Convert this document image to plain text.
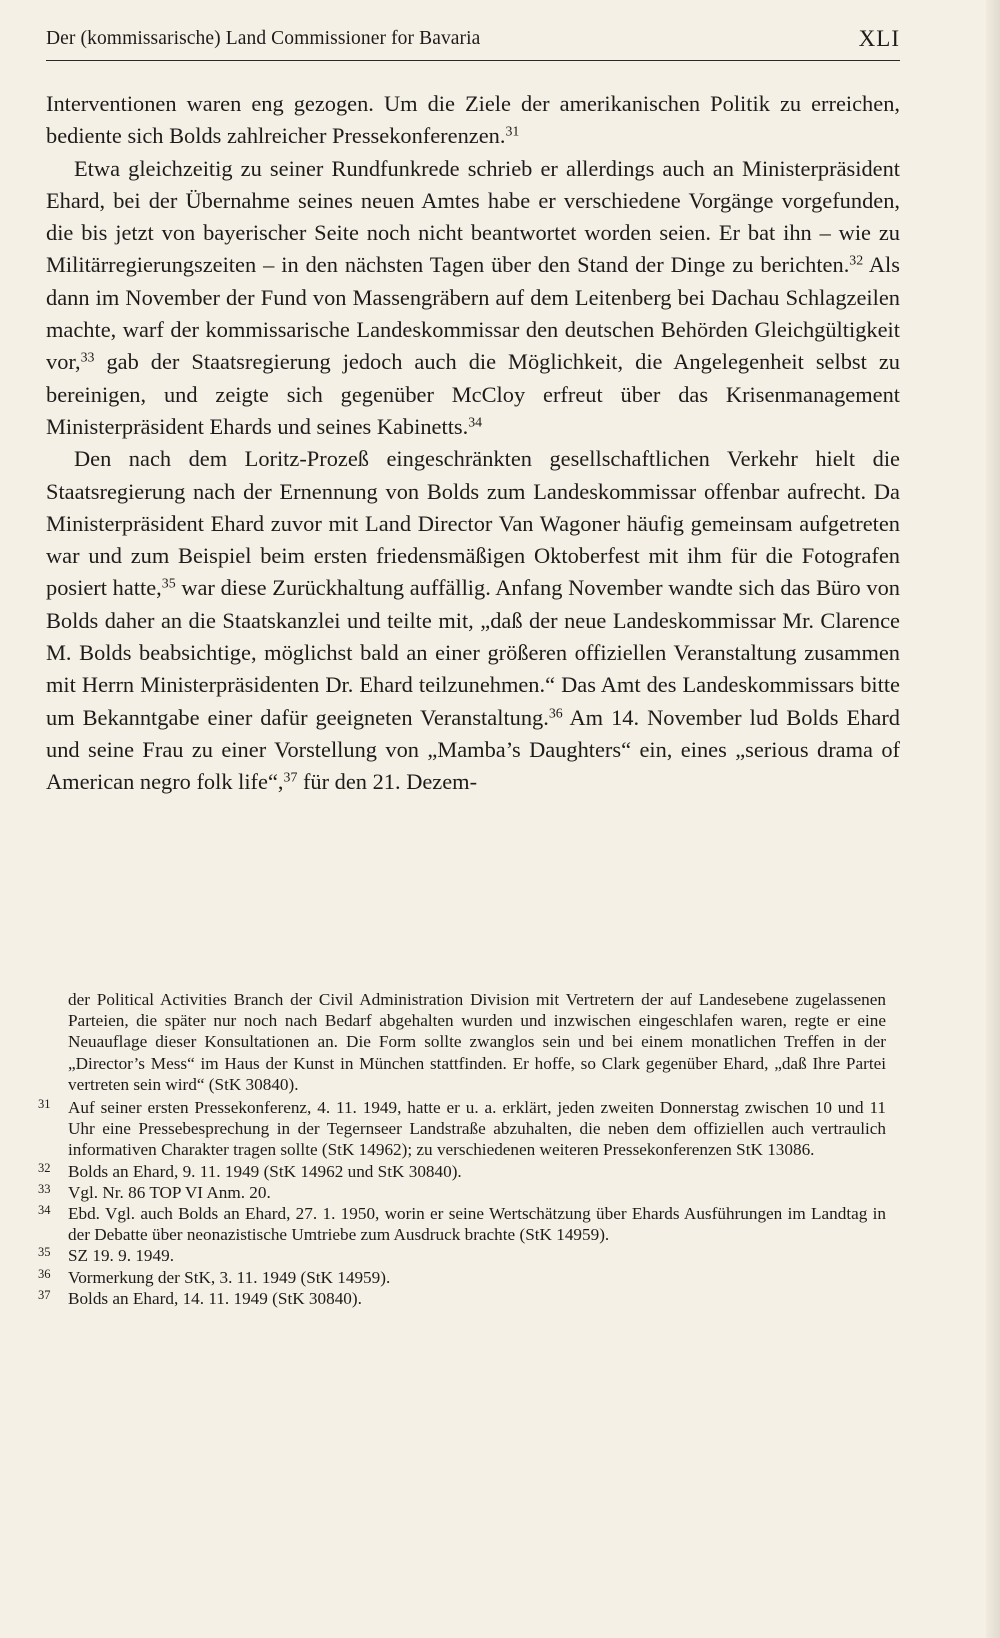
Der (kommissarische) Land Commissioner for Bavaria	XLI

Interventionen waren eng gezogen. Um die Ziele der amerikanischen Politik zu erreichen, bediente sich Bolds zahlreicher Pressekonferenzen.$^{31}$

Etwa gleichzeitig zu seiner Rundfunkrede schrieb er allerdings auch an Ministerpräsident Ehard, bei der Übernahme seines neuen Amtes habe er verschiedene Vorgänge vorgefunden, die bis jetzt von bayerischer Seite noch nicht beantwortet worden seien. Er bat ihn – wie zu Militärregierungszeiten – in den nächsten Tagen über den Stand der Dinge zu berichten.$^{32}$ Als dann im November der Fund von Massengräbern auf dem Leitenberg bei Dachau Schlagzeilen machte, warf der kommissarische Landeskommissar den deutschen Behörden Gleichgültigkeit vor,$^{33}$ gab der Staatsregierung jedoch auch die Möglichkeit, die Angelegenheit selbst zu bereinigen, und zeigte sich gegenüber McCloy erfreut über das Krisenmanagement Ministerpräsident Ehards und seines Kabinetts.$^{34}$

Den nach dem Loritz-Prozeß eingeschränkten gesellschaftlichen Verkehr hielt die Staatsregierung nach der Ernennung von Bolds zum Landeskommissar offenbar aufrecht. Da Ministerpräsident Ehard zuvor mit Land Director Van Wagoner häufig gemeinsam aufgetreten war und zum Beispiel beim ersten friedensmäßigen Oktoberfest mit ihm für die Fotografen posiert hatte,$^{35}$ war diese Zurückhaltung auffällig. Anfang November wandte sich das Büro von Bolds daher an die Staatskanzlei und teilte mit, „daß der neue Landeskommissar Mr. Clarence M. Bolds beabsichtige, möglichst bald an einer größeren offiziellen Veranstaltung zusammen mit Herrn Ministerpräsidenten Dr. Ehard teilzunehmen.“ Das Amt des Landeskommissars bitte um Bekanntgabe einer dafür geeigneten Veranstaltung.$^{36}$ Am 14. November lud Bolds Ehard und seine Frau zu einer Vorstellung von „Mamba’s Daughters“ ein, eines „serious drama of American negro folk life“,$^{37}$ für den 21. Dezem-

der Political Activities Branch der Civil Administration Division mit Vertretern der auf Landesebene zugelassenen Parteien, die später nur noch nach Bedarf abgehalten wurden und inzwischen eingeschlafen waren, regte er eine Neuauflage dieser Konsultationen an. Die Form sollte zwanglos sein und bei einem monatlichen Treffen in der „Director’s Mess“ im Haus der Kunst in München stattfinden. Er hoffe, so Clark gegenüber Ehard, „daß Ihre Partei vertreten sein wird“ (StK 30840).

31 Auf seiner ersten Pressekonferenz, 4. 11. 1949, hatte er u. a. erklärt, jeden zweiten Donnerstag zwischen 10 und 11 Uhr eine Pressebesprechung in der Tegernseer Landstraße abzuhalten, die neben dem offiziellen auch vertraulich informativen Charakter tragen sollte (StK 14962); zu verschiedenen weiteren Pressekonferenzen StK 13086.
32 Bolds an Ehard, 9. 11. 1949 (StK 14962 und StK 30840).
33 Vgl. Nr. 86 TOP VI Anm. 20.
34 Ebd. Vgl. auch Bolds an Ehard, 27. 1. 1950, worin er seine Wertschätzung über Ehards Ausführungen im Landtag in der Debatte über neonazistische Umtriebe zum Ausdruck brachte (StK 14959).
35 SZ 19. 9. 1949.
36 Vormerkung der StK, 3. 11. 1949 (StK 14959).
37 Bolds an Ehard, 14. 11. 1949 (StK 30840).
